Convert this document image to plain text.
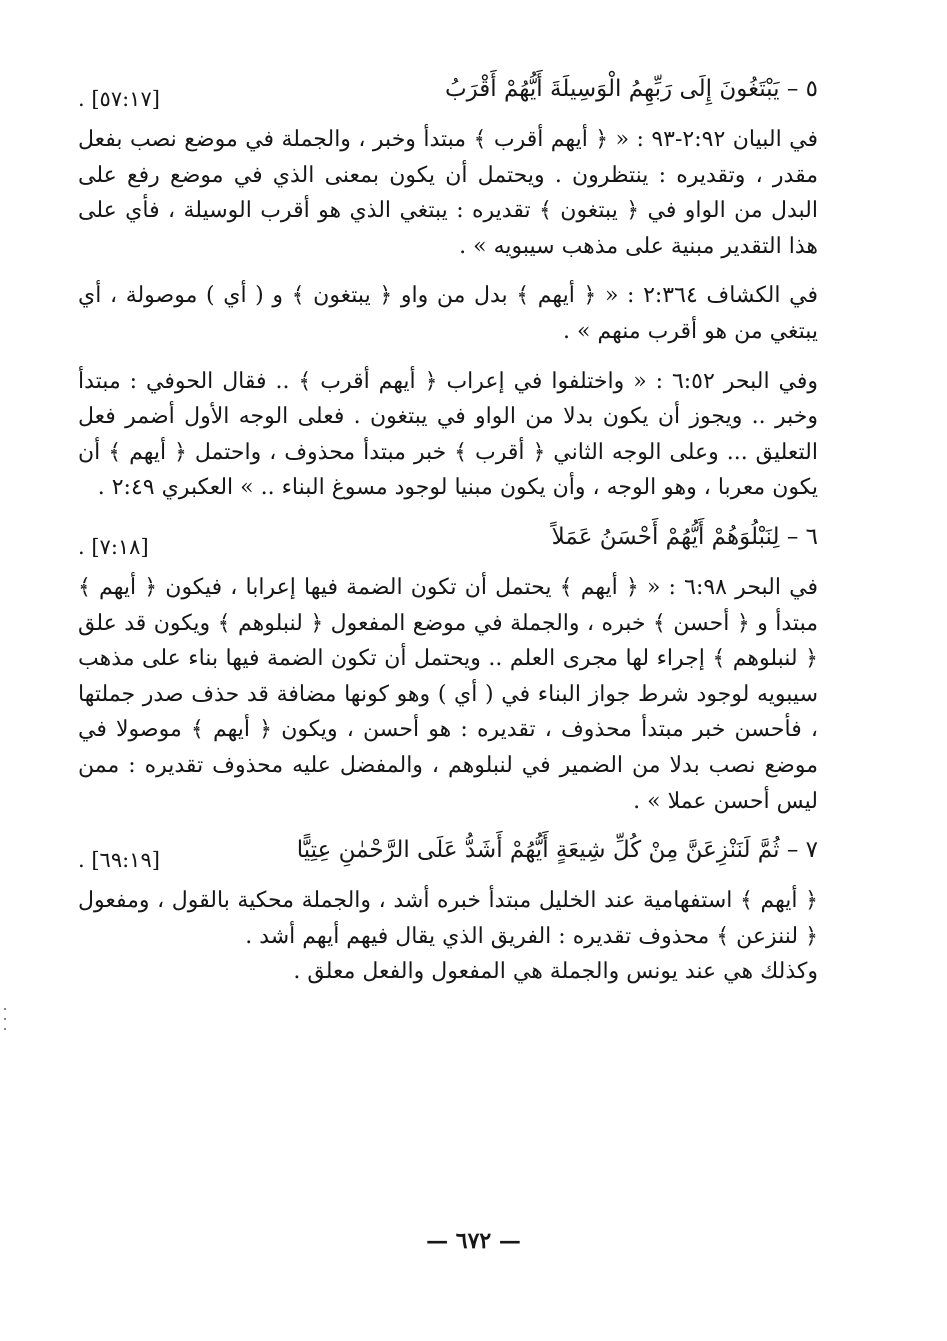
٥ – يَبْتَغُونَ إِلَى رَبِّهِمُ الْوَسِيلَةَ أَيُّهُمْ أَقْرَبُ
. [٥٧:١٧]

في البيان ٢:٩٢-٩٣ : « ﴿ أيهم أقرب ﴾ مبتدأ وخبر ، والجملة في موضع نصب بفعل مقدر ، وتقديره : ينتظرون . ويحتمل أن يكون بمعنى الذي في موضع رفع على البدل من الواو في ﴿ يبتغون ﴾ تقديره : يبتغي الذي هو أقرب الوسيلة ، فأي على هذا التقدير مبنية على مذهب سيبويه » .

في الكشاف ٢:٣٦٤ : « ﴿ أيهم ﴾ بدل من واو ﴿ يبتغون ﴾ و ( أي ) موصولة ، أي يبتغي من هو أقرب منهم » .

وفي البحر ٦:٥٢ : « واختلفوا في إعراب ﴿ أيهم أقرب ﴾ .. فقال الحوفي : مبتدأ وخبر .. ويجوز أن يكون بدلا من الواو في يبتغون . فعلى الوجه الأول أضمر فعل التعليق ... وعلى الوجه الثاني ﴿ أقرب ﴾ خبر مبتدأ محذوف ، واحتمل ﴿ أيهم ﴾ أن يكون معربا ، وهو الوجه ، وأن يكون مبنيا لوجود مسوغ البناء .. » العكبري ٢:٤٩ .

٦ – لِنَبْلُوَهُمْ أَيُّهُمْ أَحْسَنُ عَمَلاً
. [٧:١٨]

في البحر ٦:٩٨ : « ﴿ أيهم ﴾ يحتمل أن تكون الضمة فيها إعرابا ، فيكون ﴿ أيهم ﴾ مبتدأ و ﴿ أحسن ﴾ خبره ، والجملة في موضع المفعول ﴿ لنبلوهم ﴾ ويكون قد علق ﴿ لنبلوهم ﴾ إجراء لها مجرى العلم .. ويحتمل أن تكون الضمة فيها بناء على مذهب سيبويه لوجود شرط جواز البناء في ( أي ) وهو كونها مضافة قد حذف صدر جملتها ، فأحسن خبر مبتدأ محذوف ، تقديره : هو أحسن ، ويكون ﴿ أيهم ﴾ موصولا في موضع نصب بدلا من الضمير في لنبلوهم ، والمفضل عليه محذوف تقديره : ممن ليس أحسن عملا » .

٧ – ثُمَّ لَنَنْزِعَنَّ مِنْ كُلِّ شِيعَةٍ أَيُّهُمْ أَشَدُّ عَلَى الرَّحْمٰنِ عِتِيًّا
. [٦٩:١٩]

﴿ أيهم ﴾ استفهامية عند الخليل مبتدأ خبره أشد ، والجملة محكية بالقول ، ومفعول ﴿ لننزعن ﴾ محذوف تقديره : الفريق الذي يقال فيهم أيهم أشد .

وكذلك هي عند يونس والجملة هي المفعول والفعل معلق .

— ٦٧٢ —
